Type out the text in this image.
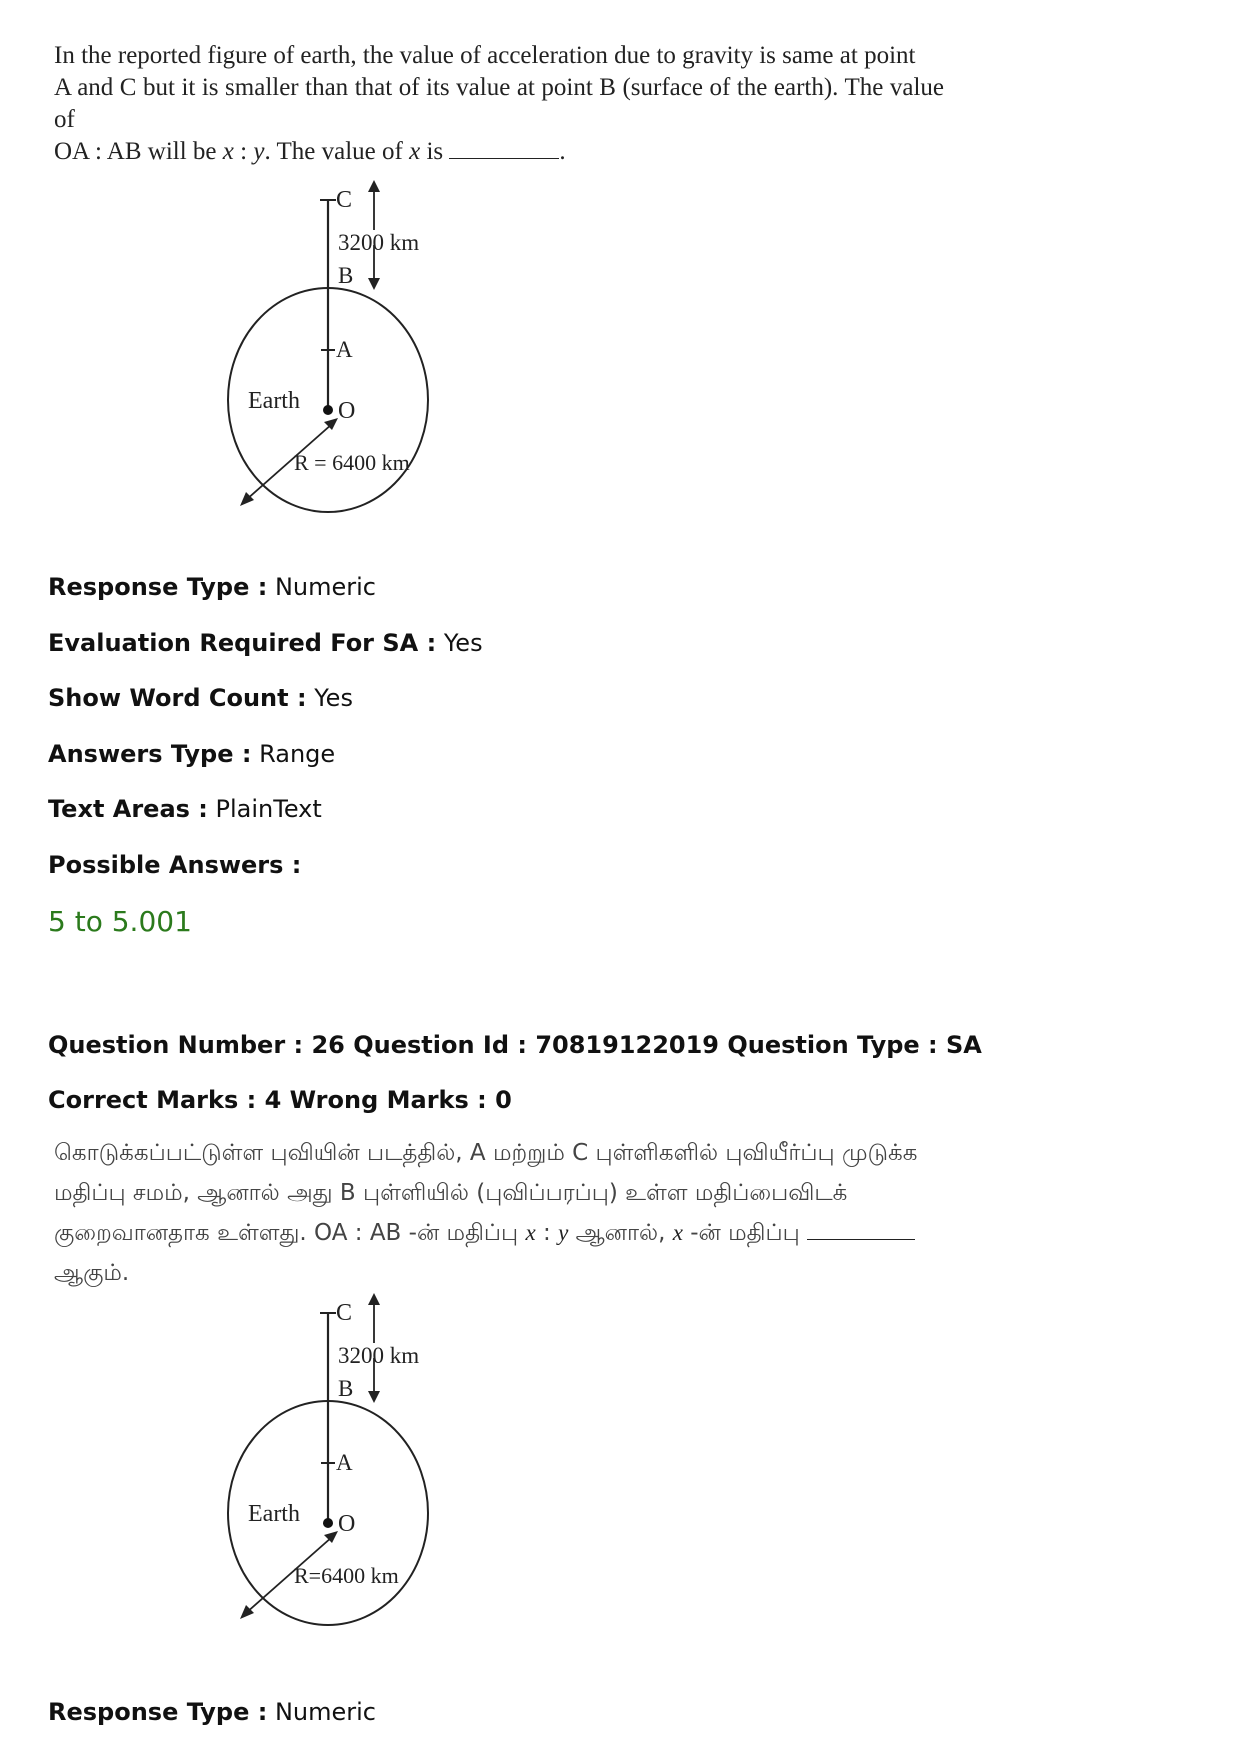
In the reported figure of earth, the value of acceleration due to gravity is same at point
A and C but it is smaller than that of its value at point B (surface of the earth). The value of
OA : AB will be x : y. The value of x is	.
C
3200 km
B
A
Earth O
R = 6400 km
Response Type : Numeric
Evaluation Required For SA : Yes
Show Word Count : Yes
Answers Type : Range
Text Areas : PlainText
Possible Answers :
5 to 5.001
Question Number : 26 Question Id : 70819122019 Question Type : SA
Correct Marks : 4 Wrong Marks : 0
கொடுக்கப்பட்டுள்ள புவியின் படத்தில், A மற்றும் C புள்ளிகளில் புவியீர்ப்பு முடுக்க
மதிப்பு சமம், ஆனால் அது B புள்ளியில் (புவிப்பரப்பு) உள்ள மதிப்பைவிடக்
குறைவானதாக உள்ளது. OA : AB -ன் மதிப்பு x : y ஆனால், x -ன் மதிப்பு
ஆகும்.
C
3200 km
B
A
Earth O
R=6400 km
Response Type : Numeric
